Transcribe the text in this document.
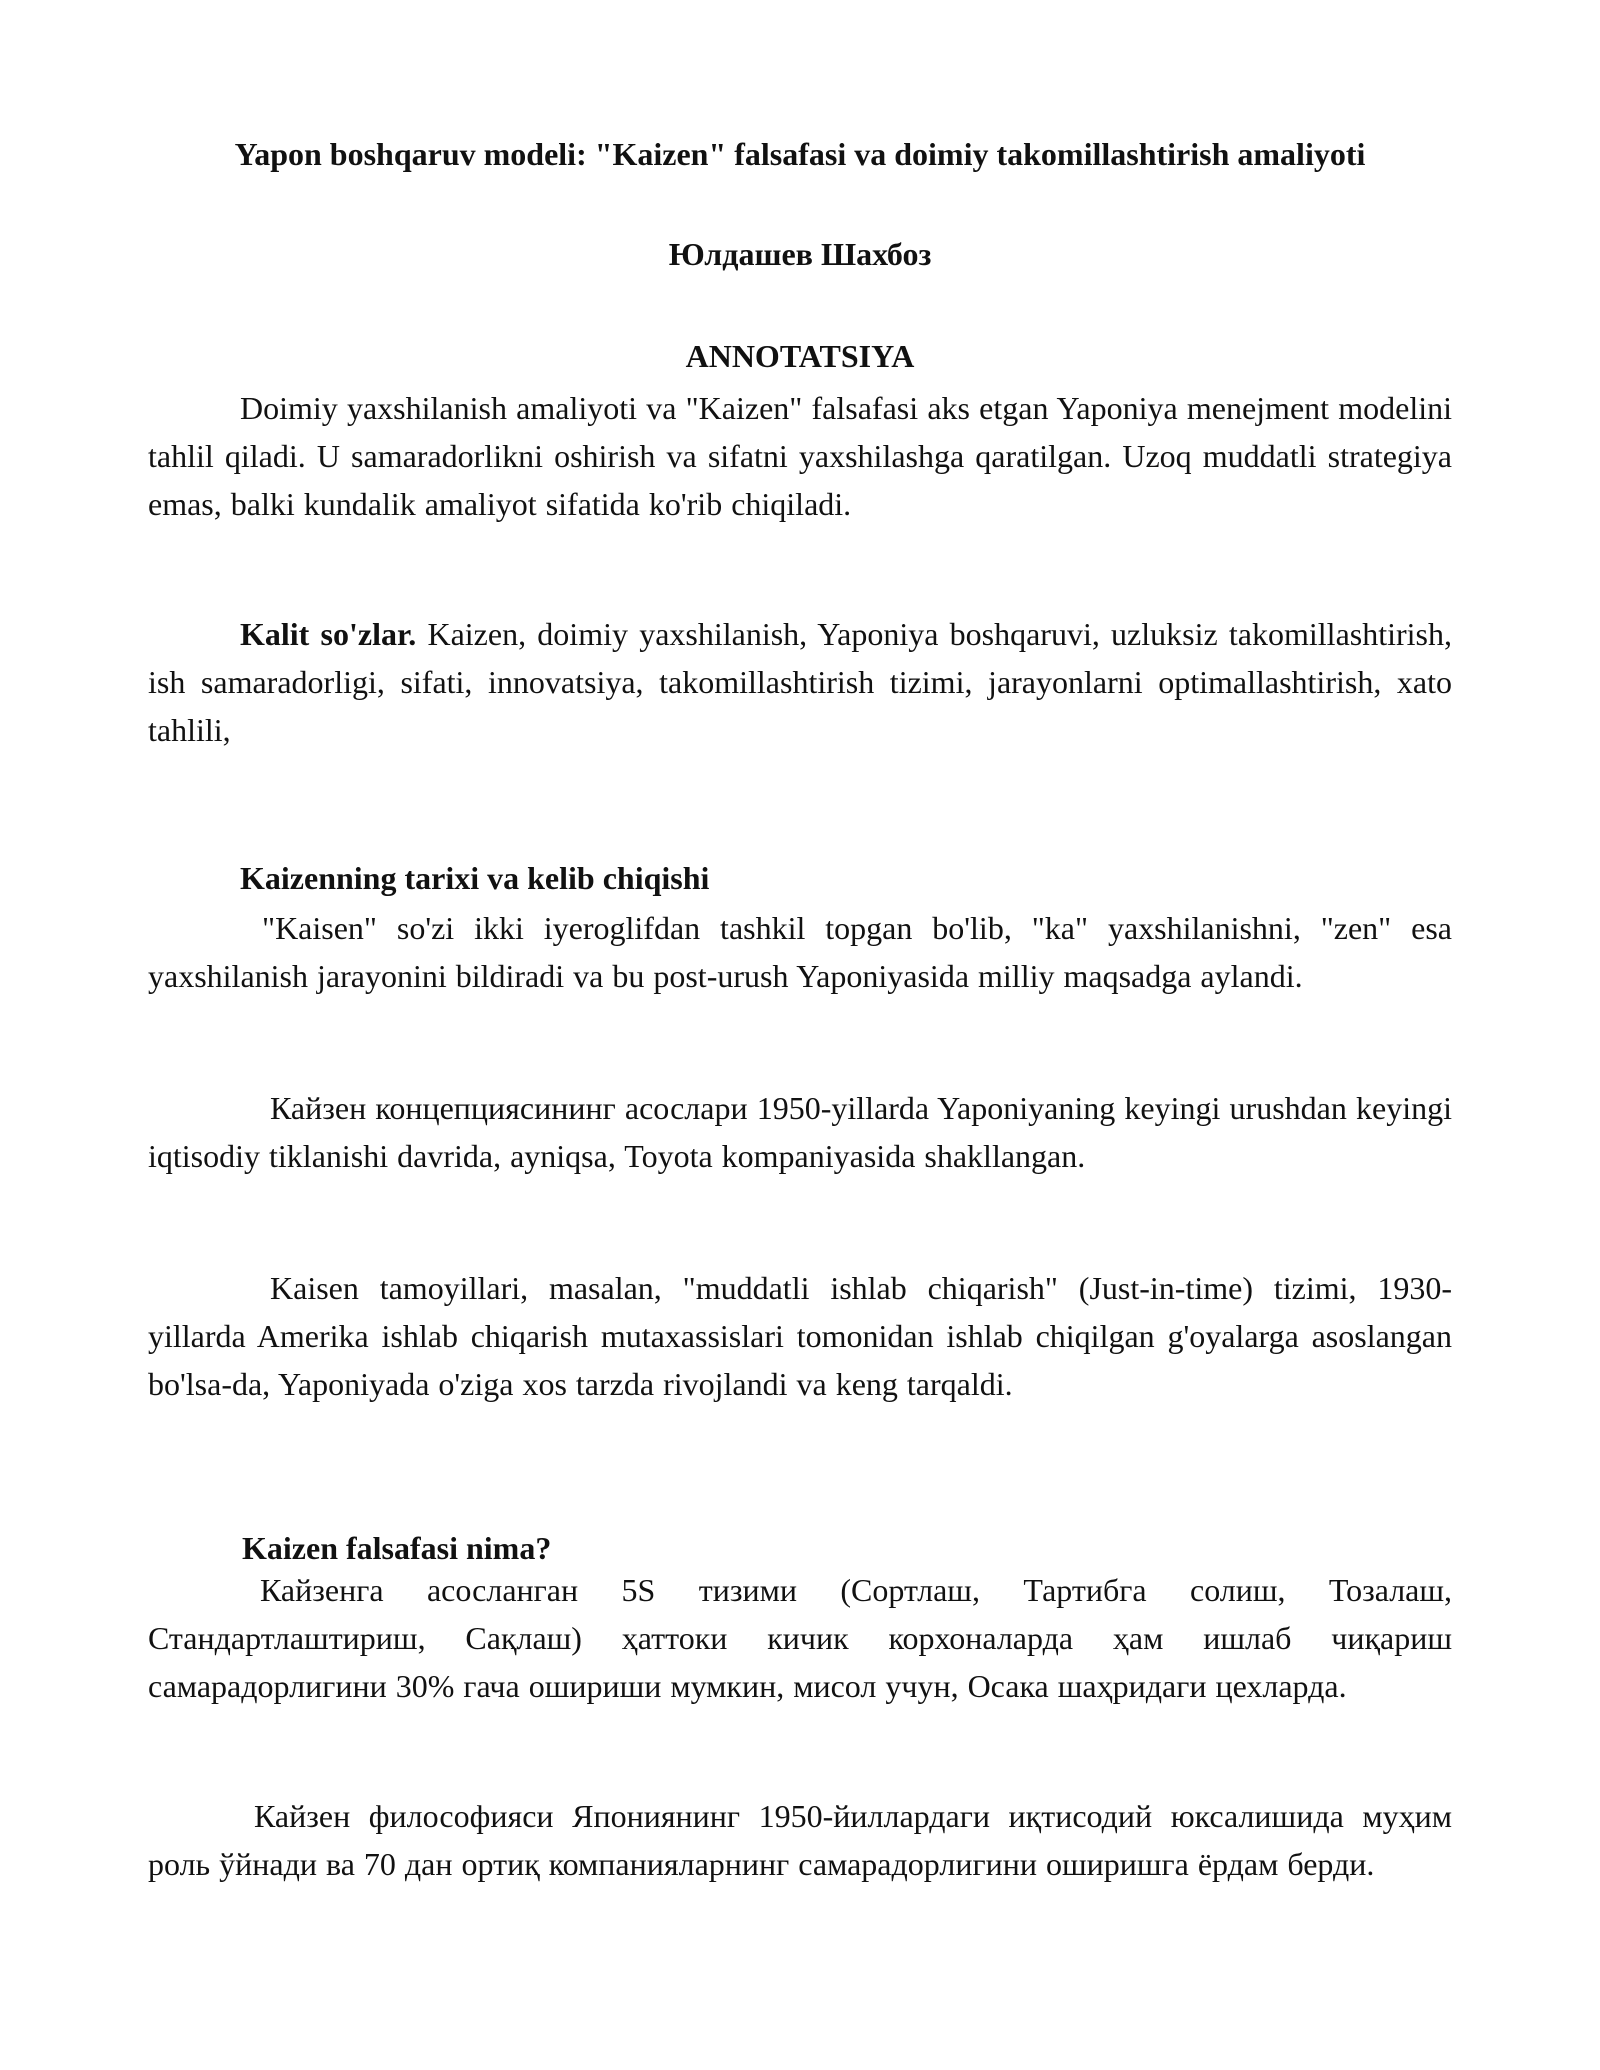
Yapon boshqaruv modeli: "Kaizen" falsafasi va doimiy takomillashtirish amaliyoti
Юлдашев Шахбоз
ANNOTATSIYA

Doimiy yaxshilanish amaliyoti va "Kaizen" falsafasi aks etgan Yaponiya menejment modelini tahlil qiladi. U samaradorlikni oshirish va sifatni yaxshilashga qaratilgan. Uzoq muddatli strategiya emas, balki kundalik amaliyot sifatida ko'rib chiqiladi.

Kalit so'zlar. Kaizen, doimiy yaxshilanish, Yaponiya boshqaruvi, uzluksiz takomillashtirish, ish samaradorligi, sifati, innovatsiya, takomillashtirish tizimi, jarayonlarni optimallashtirish, xato tahlili,

Kaizenning tarixi va kelib chiqishi

"Kaisen" so'zi ikki iyeroglifdan tashkil topgan bo'lib, "ka" yaxshilanishni, "zen" esa yaxshilanish jarayonini bildiradi va bu post-urush Yaponiyasida milliy maqsadga aylandi.

Кайзен концепциясининг асослари 1950-yillarda Yaponiyaning keyingi urushdan keyingi iqtisodiy tiklanishi davrida, ayniqsa, Toyota kompaniyasida shakllangan.

Kaisen tamoyillari, masalan, "muddatli ishlab chiqarish" (Just-in-time) tizimi, 1930-yillarda Amerika ishlab chiqarish mutaxassislari tomonidan ishlab chiqilgan g'oyalarga asoslangan bo'lsa-da, Yaponiyada o'ziga xos tarzda rivojlandi va keng tarqaldi.

Kaizen falsafasi nima?

Кайзенга асосланган 5S тизими (Сортлаш, Тартибга солиш, Тозалаш, Стандартлаштириш, Сақлаш) ҳаттоки кичик корхоналарда ҳам ишлаб чиқариш самарадорлигини 30% гача ошириши мумкин, мисол учун, Осака шаҳридаги цехларда.

Кайзен философияси Япониянинг 1950-йиллардаги иқтисодий юксалишида муҳим роль ўйнади ва 70 дан ортиқ компанияларнинг самарадорлигини оширишга ёрдам берди.
